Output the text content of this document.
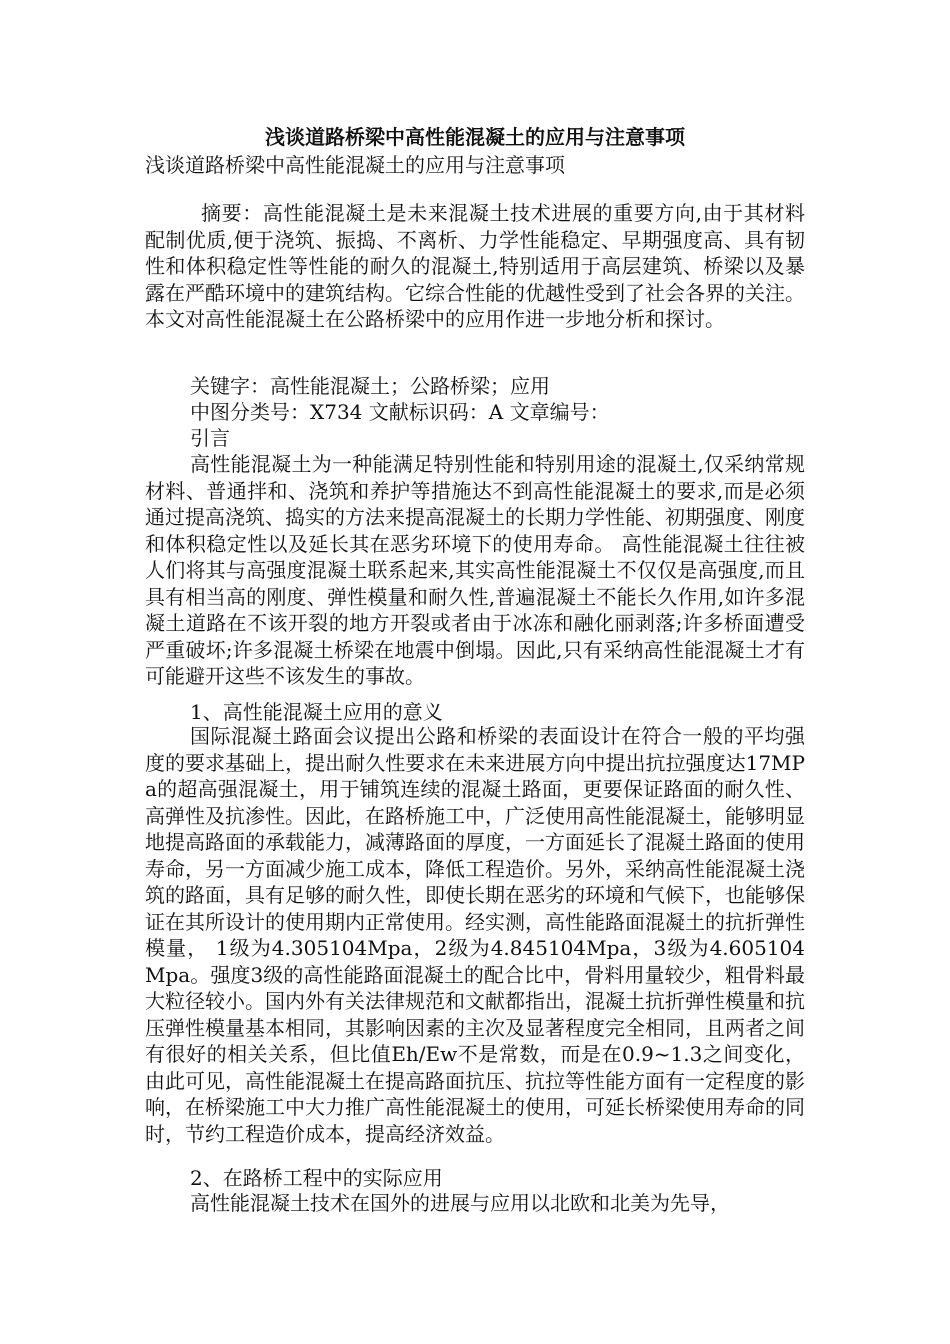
浅谈道路桥梁中高性能混凝土的应用与注意事项
浅谈道路桥梁中高性能混凝土的应用与注意事项

摘要：高性能混凝土是未来混凝土技术进展的重要方向,由于其材料配制优质,便于浇筑、振捣、不离析、力学性能稳定、早期强度高、具有韧性和体积稳定性等性能的耐久的混凝土,特别适用于高层建筑、桥梁以及暴露在严酷环境中的建筑结构。它综合性能的优越性受到了社会各界的关注。本文对高性能混凝土在公路桥梁中的应用作进一步地分析和探讨。

关键字：高性能混凝土；公路桥梁；应用
中图分类号：X734 文献标识码：A 文章编号：
引言

高性能混凝土为一种能满足特别性能和特别用途的混凝土,仅采纳常规材料、普通拌和、浇筑和养护等措施达不到高性能混凝土的要求,而是必须通过提高浇筑、捣实的方法来提高混凝土的长期力学性能、初期强度、刚度和体积稳定性以及延长其在恶劣环境下的使用寿命。 高性能混凝土往往被人们将其与高强度混凝土联系起来,其实高性能混凝土不仅仅是高强度,而且具有相当高的刚度、弹性模量和耐久性,普遍混凝土不能长久作用,如许多混凝土道路在不该开裂的地方开裂或者由于冰冻和融化丽剥落;许多桥面遭受严重破坏;许多混凝土桥梁在地震中倒塌。因此,只有采纳高性能混凝土才有可能避开这些不该发生的事故。

1、高性能混凝土应用的意义

国际混凝土路面会议提出公路和桥梁的表面设计在符合一般的平均强度的要求基础上，提出耐久性要求在未来进展方向中提出抗拉强度达17MPa的超高强混凝土，用于铺筑连续的混凝土路面，更要保证路面的耐久性、高弹性及抗渗性。因此，在路桥施工中，广泛使用高性能混凝土，能够明显地提高路面的承载能力，减薄路面的厚度，一方面延长了混凝土路面的使用寿命，另一方面减少施工成本，降低工程造价。另外，采纳高性能混凝土浇筑的路面，具有足够的耐久性，即使长期在恶劣的环境和气候下，也能够保证在其所设计的使用期内正常使用。经实测，高性能路面混凝土的抗折弹性模量， 1级为4.305104Mpa，2级为4.845104Mpa，3级为4.605104Mpa。强度3级的高性能路面混凝土的配合比中，骨料用量较少，粗骨料最大粒径较小。国内外有关法律规范和文献都指出，混凝土抗折弹性模量和抗压弹性模量基本相同，其影响因素的主次及显著程度完全相同，且两者之间有很好的相关关系，但比值Eh/Ew不是常数，而是在0.9~1.3之间变化，由此可见，高性能混凝土在提高路面抗压、抗拉等性能方面有一定程度的影响，在桥梁施工中大力推广高性能混凝土的使用，可延长桥梁使用寿命的同时，节约工程造价成本，提高经济效益。

2、在路桥工程中的实际应用

高性能混凝土技术在国外的进展与应用以北欧和北美为先导，
